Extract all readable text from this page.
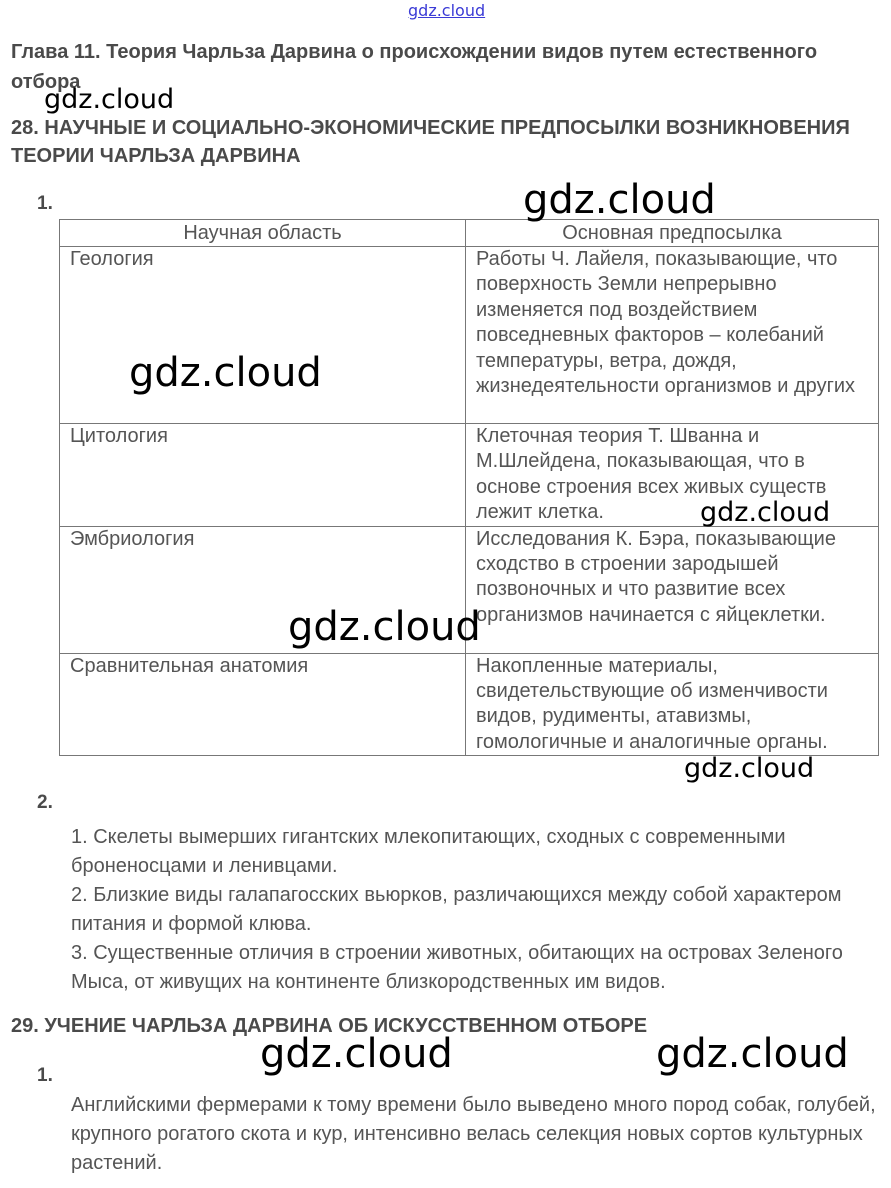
gdz.cloud
Глава 11. Теория Чарльза Дарвина о происхождении видов путем естественного отбора
28. НАУЧНЫЕ И СОЦИАЛЬНО-ЭКОНОМИЧЕСКИЕ ПРЕДПОСЫЛКИ ВОЗНИКНОВЕНИЯ ТЕОРИИ ЧАРЛЬЗА ДАРВИНА
1.
Научная область	Основная предпосылка
Геология	Работы Ч. Лайеля, показывающие, что поверхность Земли непрерывно изменяется под воздействием повседневных факторов – колебаний температуры, ветра, дождя, жизнедеятельности организмов и других
Цитология	Клеточная теория Т. Шванна и М.Шлейдена, показывающая, что в основе строения всех живых существ лежит клетка.
Эмбриология	Исследования К. Бэра, показывающие сходство в строении зародышей позвоночных и что развитие всех организмов начинается с яйцеклетки.
Сравнительная анатомия	Накопленные материалы, свидетельствующие об изменчивости видов, рудименты, атавизмы, гомологичные и аналогичные органы.
2.

1. Скелеты вымерших гигантских млекопитающих, сходных с современными броненосцами и ленивцами.

2. Близкие виды галапагосских вьюрков, различающихся между собой характером питания и формой клюва.

3. Существенные отличия в строении животных, обитающих на островах Зеленого Мыса, от живущих на континенте близкородственных им видов.

29. УЧЕНИЕ ЧАРЛЬЗА ДАРВИНА ОБ ИСКУССТВЕННОМ ОТБОРЕ
1.

Английскими фермерами к тому времени было выведено много пород собак, голубей, крупного рогатого скота и кур, интенсивно велась селекция новых сортов культурных растений.

gdz.cloud
gdz.cloud
gdz.cloud
gdz.cloud
gdz.cloud
gdz.cloud
gdz.cloud	gdz.cloud
